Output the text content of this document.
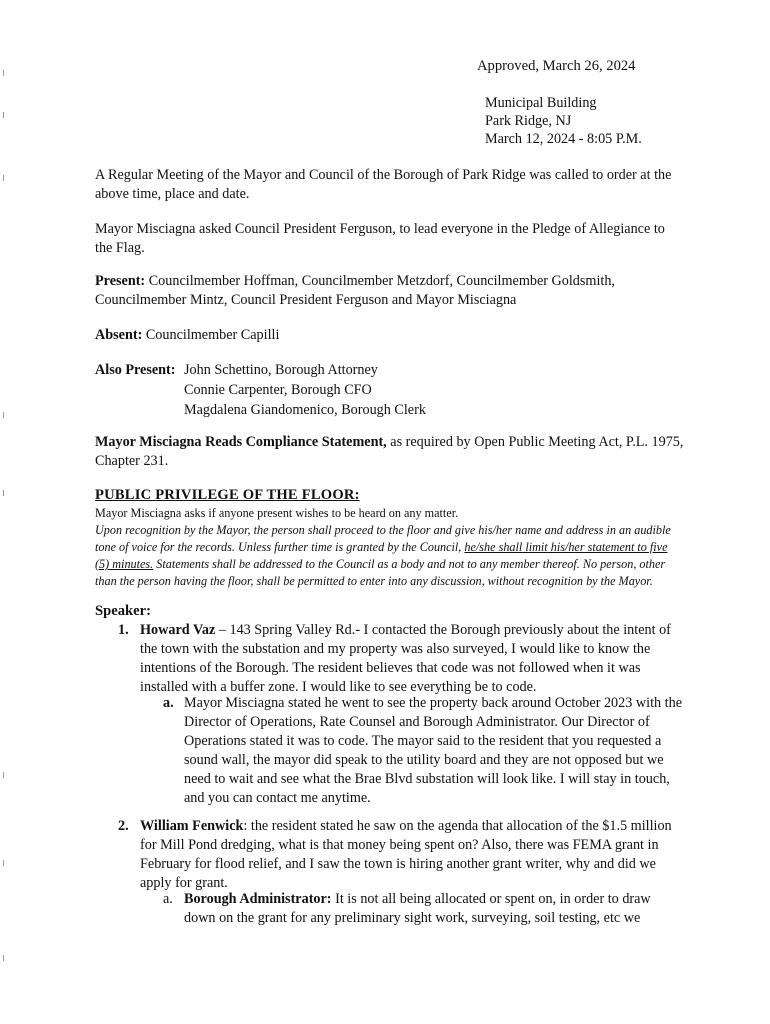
Approved, March 26, 2024
Municipal Building
Park Ridge, NJ
March 12, 2024 - 8:05 P.M.
A Regular Meeting of the Mayor and Council of the Borough of Park Ridge was called to order at the above time, place and date.
Mayor Misciagna asked Council President Ferguson, to lead everyone in the Pledge of Allegiance to the Flag.
Present: Councilmember Hoffman, Councilmember Metzdorf, Councilmember Goldsmith, Councilmember Mintz, Council President Ferguson and Mayor Misciagna
Absent: Councilmember Capilli
Also Present: John Schettino, Borough Attorney
Connie Carpenter, Borough CFO
Magdalena Giandomenico, Borough Clerk
Mayor Misciagna Reads Compliance Statement, as required by Open Public Meeting Act, P.L. 1975, Chapter 231.
PUBLIC PRIVILEGE OF THE FLOOR:
Mayor Misciagna asks if anyone present wishes to be heard on any matter.
Upon recognition by the Mayor, the person shall proceed to the floor and give his/her name and address in an audible tone of voice for the records. Unless further time is granted by the Council, he/she shall limit his/her statement to five (5) minutes. Statements shall be addressed to the Council as a body and not to any member thereof. No person, other than the person having the floor, shall be permitted to enter into any discussion, without recognition by the Mayor.
Speaker:
1. Howard Vaz – 143 Spring Valley Rd.- I contacted the Borough previously about the intent of the town with the substation and my property was also surveyed, I would like to know the intentions of the Borough. The resident believes that code was not followed when it was installed with a buffer zone. I would like to see everything be to code.
a. Mayor Misciagna stated he went to see the property back around October 2023 with the Director of Operations, Rate Counsel and Borough Administrator. Our Director of Operations stated it was to code. The mayor said to the resident that you requested a sound wall, the mayor did speak to the utility board and they are not opposed but we need to wait and see what the Brae Blvd substation will look like. I will stay in touch, and you can contact me anytime.
2. William Fenwick: the resident stated he saw on the agenda that allocation of the $1.5 million for Mill Pond dredging, what is that money being spent on? Also, there was FEMA grant in February for flood relief, and I saw the town is hiring another grant writer, why and did we apply for grant.
a. Borough Administrator: It is not all being allocated or spent on, in order to draw down on the grant for any preliminary sight work, surveying, soil testing, etc we
